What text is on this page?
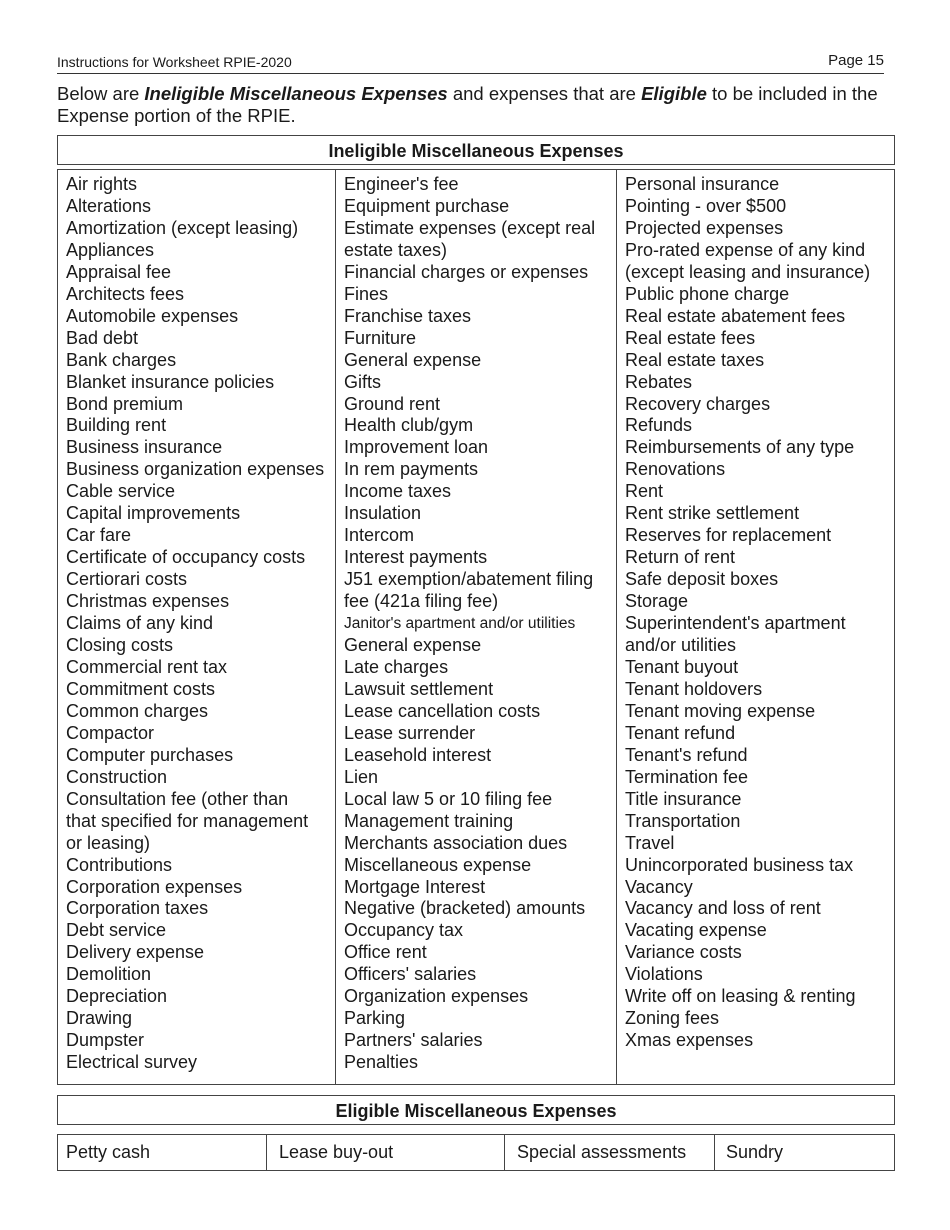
Instructions for Worksheet RPIE-2020	Page 15
Below are Ineligible Miscellaneous Expenses and expenses that are Eligible to be included in the Expense portion of the RPIE.
Ineligible Miscellaneous Expenses
Air rights
Alterations
Amortization (except leasing)
Appliances
Appraisal fee
Architects fees
Automobile expenses
Bad debt
Bank charges
Blanket insurance policies
Bond premium
Building rent
Business insurance
Business organization expenses
Cable service
Capital improvements
Car fare
Certificate of occupancy costs
Certiorari costs
Christmas expenses
Claims of any kind
Closing costs
Commercial rent tax
Commitment costs
Common charges
Compactor
Computer purchases
Construction
Consultation fee (other than
that specified for management
or leasing)
Contributions
Corporation expenses
Corporation taxes
Debt service
Delivery expense
Demolition
Depreciation
Drawing
Dumpster
Electrical survey
Engineer's fee
Equipment purchase
Estimate expenses (except real
estate taxes)
Financial charges or expenses
Fines
Franchise taxes
Furniture
General expense
Gifts
Ground rent
Health club/gym
Improvement loan
In rem payments
Income taxes
Insulation
Intercom
Interest payments
J51 exemption/abatement filing
fee (421a filing fee)
Janitor's apartment and/or utilities
General expense
Late charges
Lawsuit settlement
Lease cancellation costs
Lease surrender
Leasehold interest
Lien
Local law 5 or 10 filing fee
Management training
Merchants association dues
Miscellaneous expense
Mortgage Interest
Negative (bracketed) amounts
Occupancy tax
Office rent
Officers' salaries
Organization expenses
Parking
Partners' salaries
Penalties
Personal insurance
Pointing - over $500
Projected expenses
Pro-rated expense of any kind
(except leasing and insurance)
Public phone charge
Real estate abatement fees
Real estate fees
Real estate taxes
Rebates
Recovery charges
Refunds
Reimbursements of any type
Renovations
Rent
Rent strike settlement
Reserves for replacement
Return of rent
Safe deposit boxes
Storage
Superintendent's apartment
and/or utilities
Tenant buyout
Tenant holdovers
Tenant moving expense
Tenant refund
Tenant's refund
Termination fee
Title insurance
Transportation
Travel
Unincorporated business tax
Vacancy
Vacancy and loss of rent
Vacating expense
Variance costs
Violations
Write off on leasing & renting
Zoning fees
Xmas expenses
Eligible Miscellaneous Expenses
Petty cash	Lease buy-out	Special assessments	Sundry
